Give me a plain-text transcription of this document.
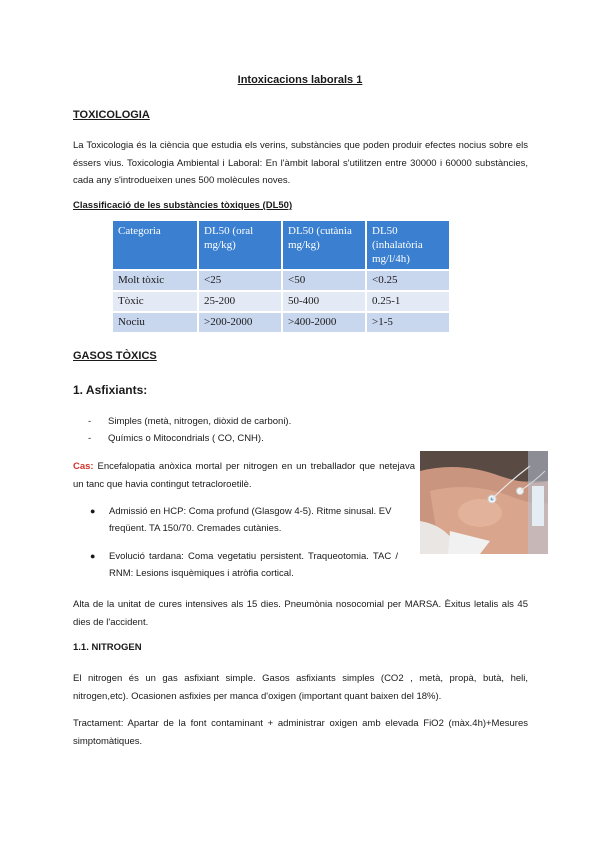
Intoxicacions laborals 1
TOXICOLOGIA
La Toxicologia és la ciència que estudia els verins, substàncies que poden produir efectes nocius sobre els éssers vius. Toxicologia Ambiental i Laboral: En l'àmbit laboral s'utilitzen entre 30000 i 60000 substàncies, cada any s'introdueixen unes 500 molècules noves.
Classificació de les substàncies tòxiques (DL50)
Categoria	DL50 (oral mg/kg)	DL50 (cutània mg/kg)	DL50 (inhalatòria mg/l/4h)
Molt tòxic	<25	<50	<0.25
Tòxic	25-200	50-400	0.25-1
Nociu	>200-2000	>400-2000	>1-5
GASOS TÒXICS
1. Asfixiants:
- Simples (metà, nitrogen, diòxid de carboni).
- Químics o Mitocondrials ( CO, CNH).
Cas: Encefalopatia anòxica mortal per nitrogen en un treballador que netejava un tanc que havia contingut tetracloroetilè.
● Admissió en HCP: Coma profund (Glasgow 4-5). Ritme sinusal. EV freqüent. TA 150/70. Cremades cutànies.
● Evolució tardana: Coma vegetatiu persistent. Traqueotomia. TAC / RNM: Lesions isquèmiques i atròfia cortical.
Alta de la unitat de cures intensives als 15 dies. Pneumònia nosocomial per MARSA. Èxitus letalis als 45 dies de l'accident.
1.1. NITROGEN
El nitrogen és un gas asfixiant simple. Gasos asfixiants simples (CO2 , metà, propà, butà, heli, nitrogen,etc). Ocasionen asfixies per manca d'oxigen (important quant baixen del 18%).
Tractament: Apartar de la font contaminant + administrar oxigen amb elevada FiO2 (màx.4h)+Mesures simptomàtiques.
